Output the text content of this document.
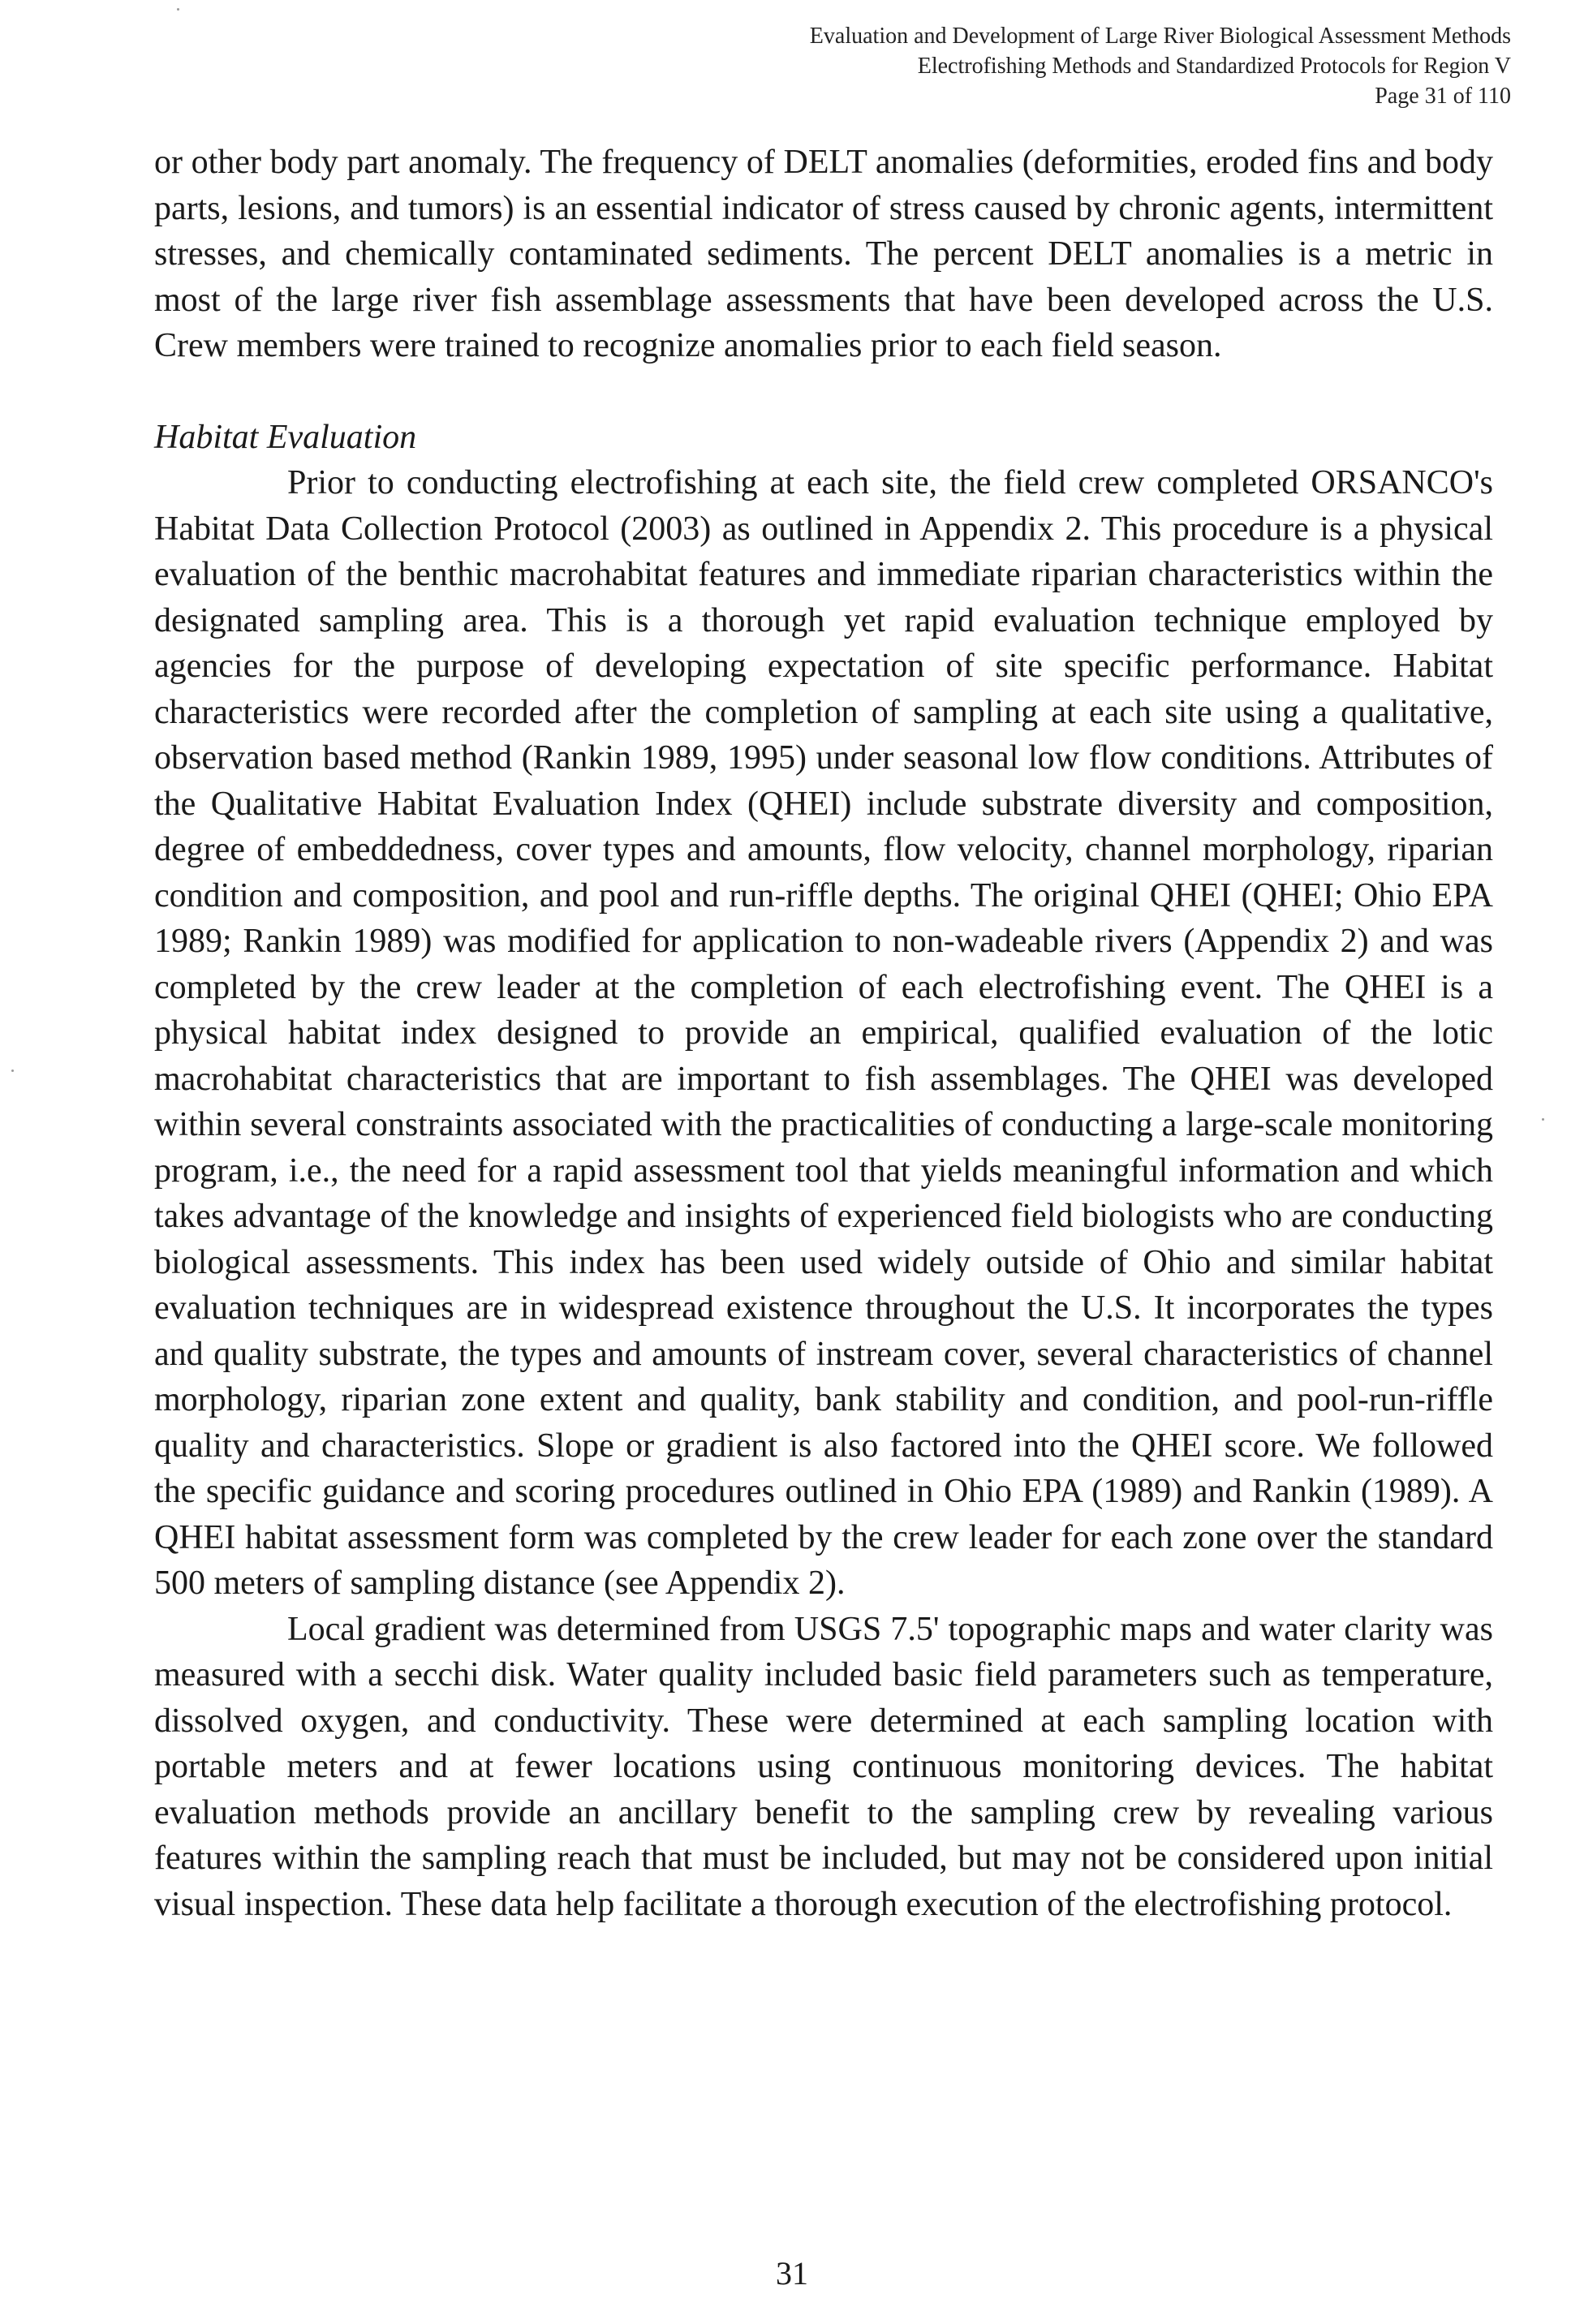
Evaluation and Development of Large River Biological Assessment Methods
Electrofishing Methods and Standardized Protocols for Region V
Page 31 of 110

or other body part anomaly. The frequency of DELT anomalies (deformities, eroded fins and body parts, lesions, and tumors) is an essential indicator of stress caused by chronic agents, intermittent stresses, and chemically contaminated sediments. The percent DELT anomalies is a metric in most of the large river fish assemblage assessments that have been developed across the U.S. Crew members were trained to recognize anomalies prior to each field season.

Habitat Evaluation

Prior to conducting electrofishing at each site, the field crew completed ORSANCO's Habitat Data Collection Protocol (2003) as outlined in Appendix 2. This procedure is a physical evaluation of the benthic macrohabitat features and immediate riparian characteristics within the designated sampling area. This is a thorough yet rapid evaluation technique employed by agencies for the purpose of developing expectation of site specific performance. Habitat characteristics were recorded after the completion of sampling at each site using a qualitative, observation based method (Rankin 1989, 1995) under seasonal low flow conditions. Attributes of the Qualitative Habitat Evaluation Index (QHEI) include substrate diversity and composition, degree of embeddedness, cover types and amounts, flow velocity, channel morphology, riparian condition and composition, and pool and run-riffle depths. The original QHEI (QHEI; Ohio EPA 1989; Rankin 1989) was modified for application to non-wadeable rivers (Appendix 2) and was completed by the crew leader at the completion of each electrofishing event. The QHEI is a physical habitat index designed to provide an empirical, qualified evaluation of the lotic macrohabitat characteristics that are important to fish assemblages. The QHEI was developed within several constraints associated with the practicalities of conducting a large-scale monitoring program, i.e., the need for a rapid assessment tool that yields meaningful information and which takes advantage of the knowledge and insights of experienced field biologists who are conducting biological assessments. This index has been used widely outside of Ohio and similar habitat evaluation techniques are in widespread existence throughout the U.S. It incorporates the types and quality substrate, the types and amounts of instream cover, several characteristics of channel morphology, riparian zone extent and quality, bank stability and condition, and pool-run-riffle quality and characteristics. Slope or gradient is also factored into the QHEI score. We followed the specific guidance and scoring procedures outlined in Ohio EPA (1989) and Rankin (1989). A QHEI habitat assessment form was completed by the crew leader for each zone over the standard 500 meters of sampling distance (see Appendix 2).

Local gradient was determined from USGS 7.5' topographic maps and water clarity was measured with a secchi disk. Water quality included basic field parameters such as temperature, dissolved oxygen, and conductivity. These were determined at each sampling location with portable meters and at fewer locations using continuous monitoring devices. The habitat evaluation methods provide an ancillary benefit to the sampling crew by revealing various features within the sampling reach that must be included, but may not be considered upon initial visual inspection. These data help facilitate a thorough execution of the electrofishing protocol.

31
